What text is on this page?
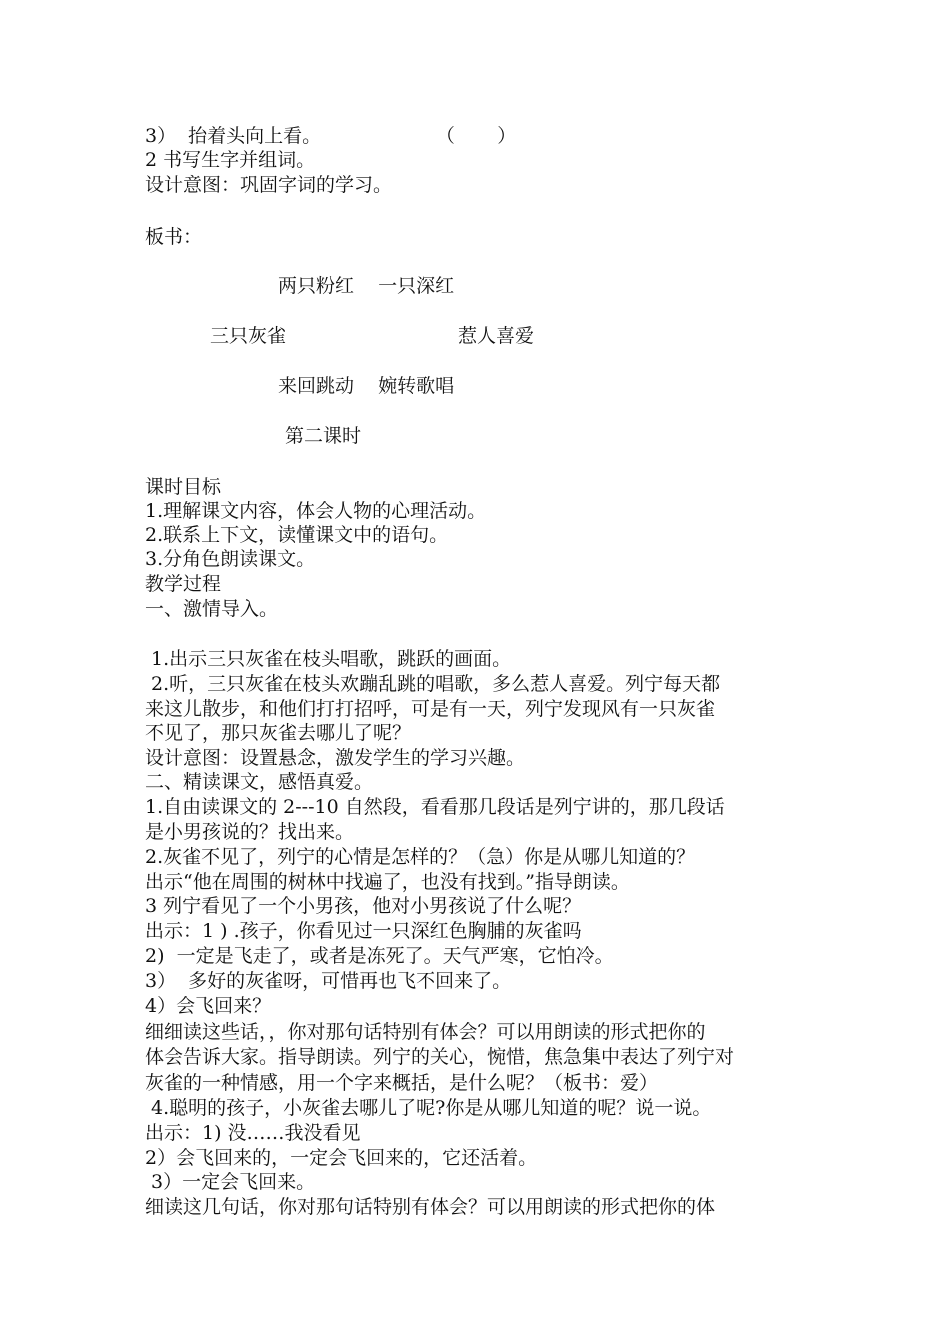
3）  抬着头向上看。                   （       ）

2 书写生字并组词。

设计意图：巩固字词的学习。

板书：

两只粉红    一只深红

三只灰雀	惹人喜爱

来回跳动    婉转歌唱

第二课时

课时目标

1.理解课文内容，体会人物的心理活动。

2.联系上下文，读懂课文中的语句。

3.分角色朗读课文。

教学过程

一、激情导入。

1.出示三只灰雀在枝头唱歌，跳跃的画面。

2.听，三只灰雀在枝头欢蹦乱跳的唱歌，多么惹人喜爱。列宁每天都

来这儿散步，和他们打打招呼，可是有一天，列宁发现风有一只灰雀

不见了，那只灰雀去哪儿了呢？

设计意图：设置悬念，激发学生的学习兴趣。

二、精读课文，感悟真爱。

1.自由读课文的 2---10 自然段，看看那几段话是列宁讲的，那几段话

是小男孩说的？找出来。

2.灰雀不见了，列宁的心情是怎样的？（急）你是从哪儿知道的？

出示“他在周围的树林中找遍了，也没有找到。”指导朗读。

3 列宁看见了一个小男孩，他对小男孩说了什么呢？

出示：1 ) .孩子，你看见过一只深红色胸脯的灰雀吗

2)  一定是飞走了，或者是冻死了。天气严寒，它怕冷。

3）  多好的灰雀呀，可惜再也飞不回来了。

4）会飞回来？

细细读这些话，，你对那句话特别有体会？可以用朗读的形式把你的

体会告诉大家。指导朗读。列宁的关心，惋惜，焦急集中表达了列宁对

灰雀的一种情感，用一个字来概括，是什么呢？（板书：爱）

4.聪明的孩子，小灰雀去哪儿了呢?你是从哪儿知道的呢？说一说。

出示：1) 没……我没看见

2）会飞回来的，一定会飞回来的，它还活着。

3）一定会飞回来。

细读这几句话，你对那句话特别有体会？可以用朗读的形式把你的体
